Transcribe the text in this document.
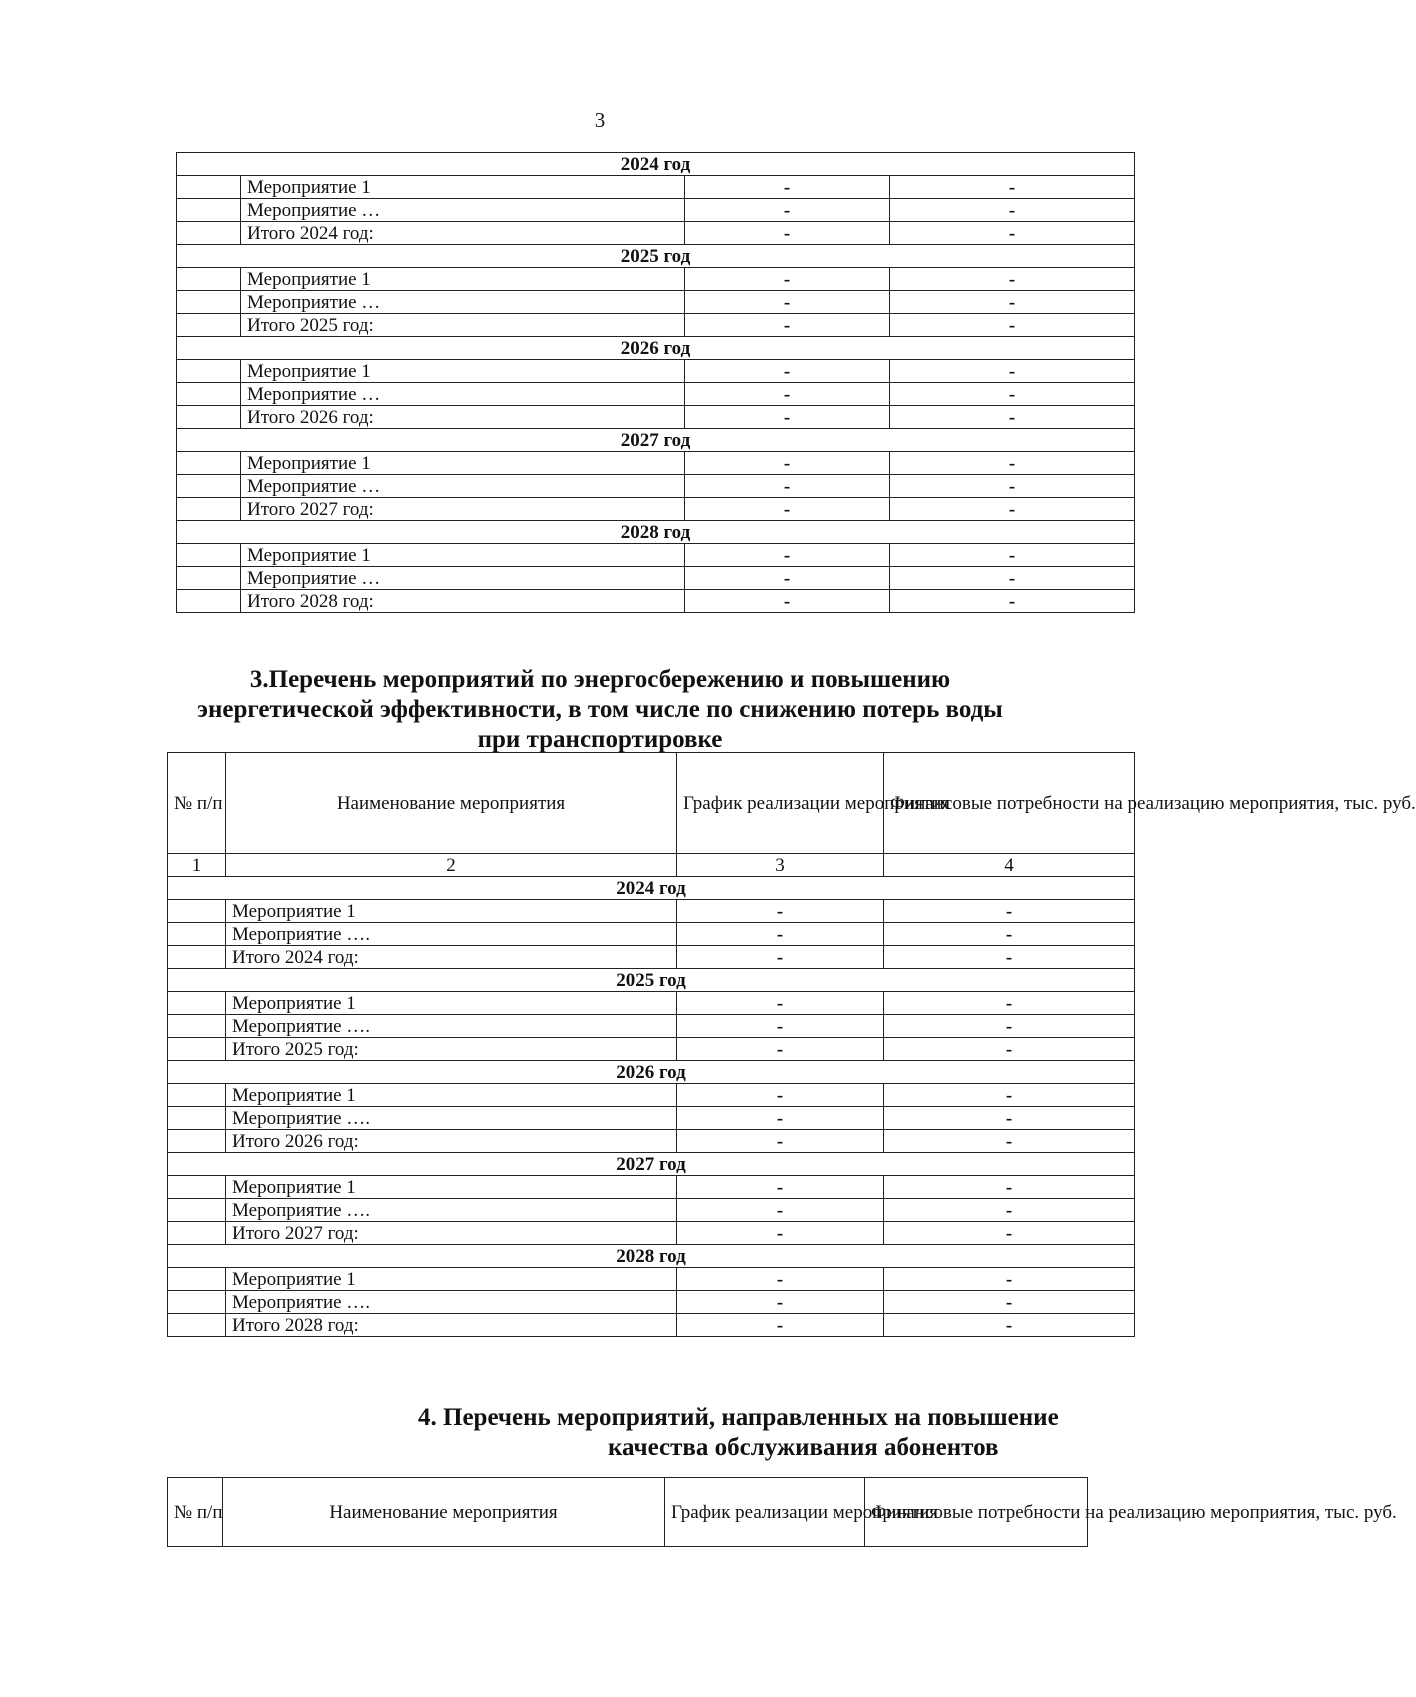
3
2024 год			
	Мероприятие 1	-	-
	Мероприятие …	-	-
	Итого 2024 год:	-	-
2025 год			
	Мероприятие 1	-	-
	Мероприятие …	-	-
	Итого 2025 год:	-	-
2026 год			
	Мероприятие 1	-	-
	Мероприятие …	-	-
	Итого 2026 год:	-	-
2027 год			
	Мероприятие 1	-	-
	Мероприятие …	-	-
	Итого 2027 год:	-	-
2028 год			
	Мероприятие 1	-	-
	Мероприятие …	-	-
	Итого 2028 год:	-	-
3.Перечень мероприятий по энергосбережению и повышению
энергетической эффективности, в том числе по снижению потерь воды
при транспортировке
№ п/п	Наименование мероприятия	График реализации мероприятия	Финансовые потребности на реализацию мероприятия, тыс. руб.
1	2	3	4
2024 год			
	Мероприятие 1	-	-
	Мероприятие ….	-	-
	Итого 2024 год:	-	-
2025 год			
	Мероприятие 1	-	-
	Мероприятие ….	-	-
	Итого 2025 год:	-	-
2026 год			
	Мероприятие 1	-	-
	Мероприятие ….	-	-
	Итого 2026 год:	-	-
2027 год			
	Мероприятие 1	-	-
	Мероприятие ….	-	-
	Итого 2027 год:	-	-
2028 год			
	Мероприятие 1	-	-
	Мероприятие ….	-	-
	Итого 2028 год:	-	-
4. Перечень мероприятий, направленных на повышение
качества обслуживания абонентов
№ п/п	Наименование мероприятия	График реализации мероприятия	Финансовые потребности на реализацию мероприятия, тыс. руб.
